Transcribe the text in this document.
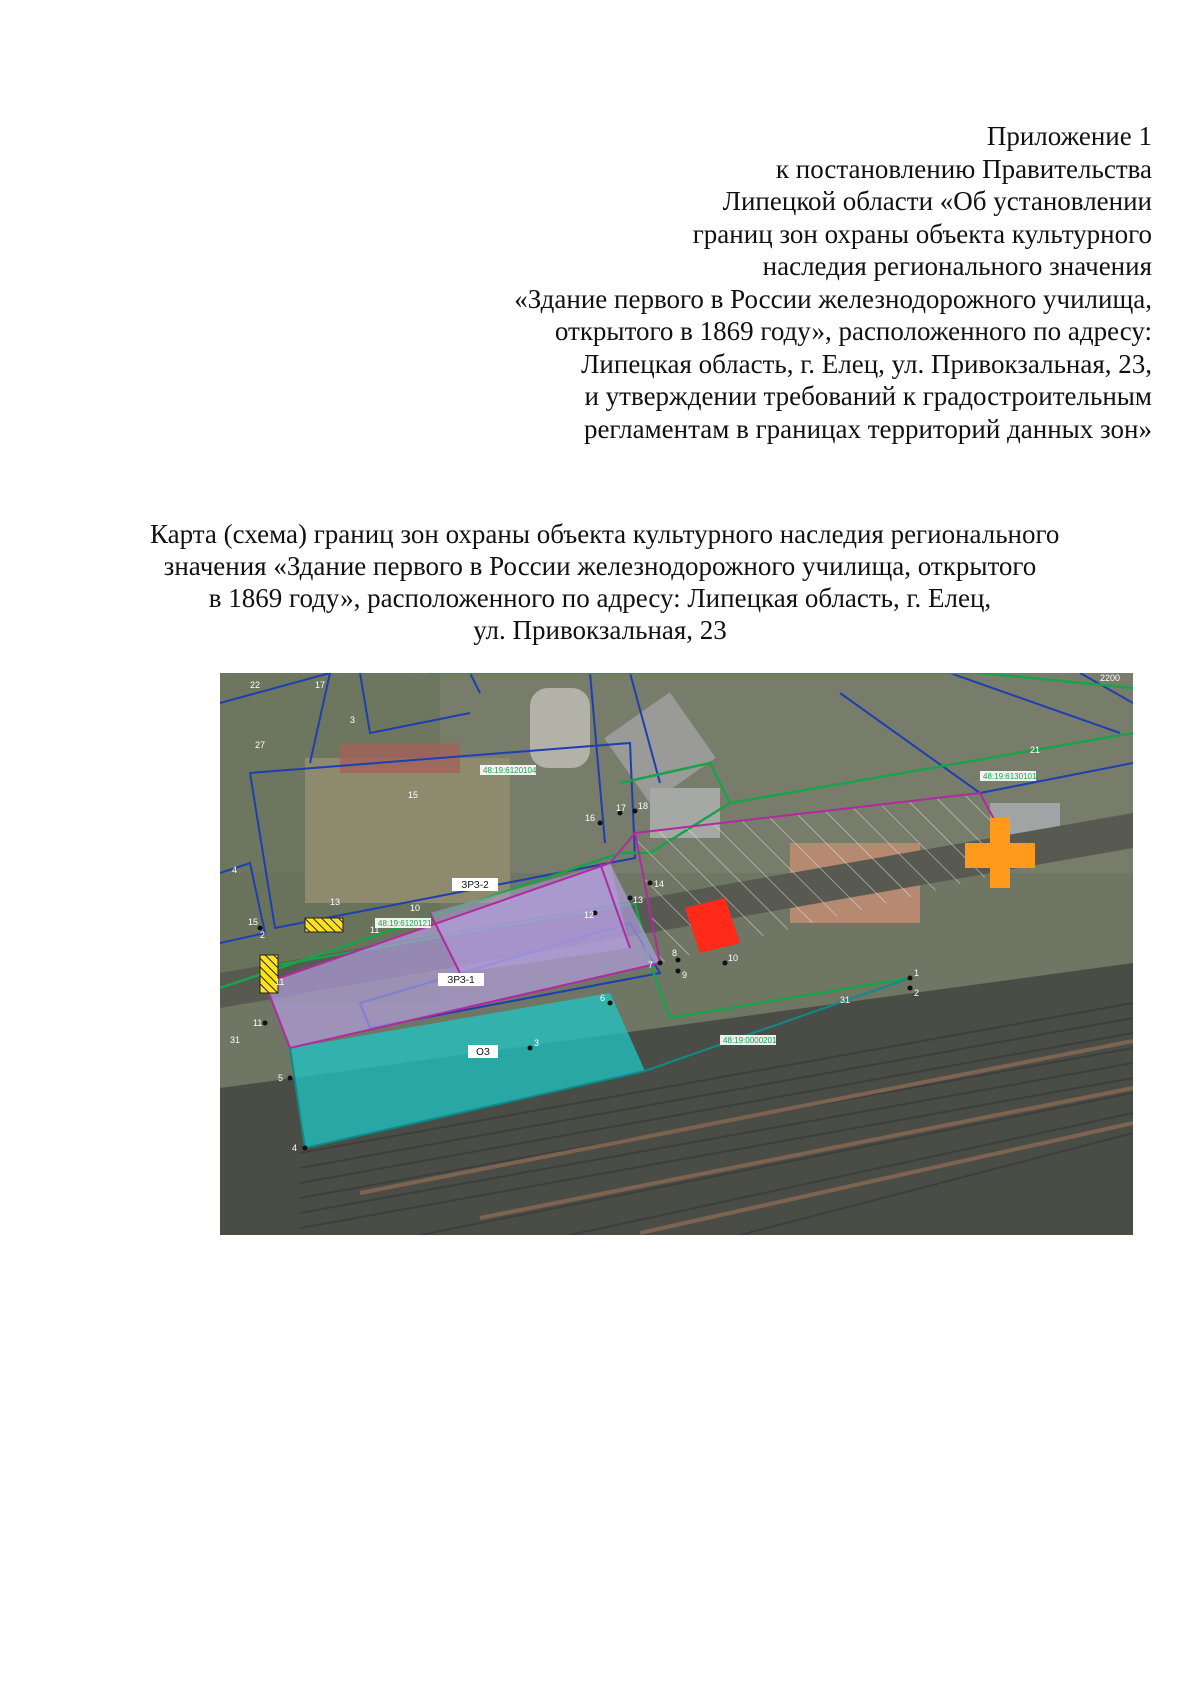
Приложение 1
к постановлению Правительства
Липецкой области «Об установлении
границ зон охраны объекта культурного
наследия регионального значения
«Здание первого в России железнодорожного училища,
открытого в 1869 году», расположенного по адресу:
Липецкая область, г. Елец, ул. Привокзальная, 23,
и утверждении требований к градостроительным
регламентам в границах территорий данных зон»
Карта (схема) границ зон охраны объекта культурного наследия регионального
значения «Здание первого в России железнодорожного училища, открытого
в 1869 году», расположенного по адресу: Липецкая область, г. Елец,
ул. Привокзальная, 23
ЗРЗ-2
ЗРЗ-1
ОЗ
48:19:6120104
48:19:6120121
48:19:6130101
48:19:0000201
15
17
22
27
31
21
4
2
3
11
10
13
11
31
2200
1
2
3
4
5
6
7
8
9
10
11
12
13
14
15
16
17 18
